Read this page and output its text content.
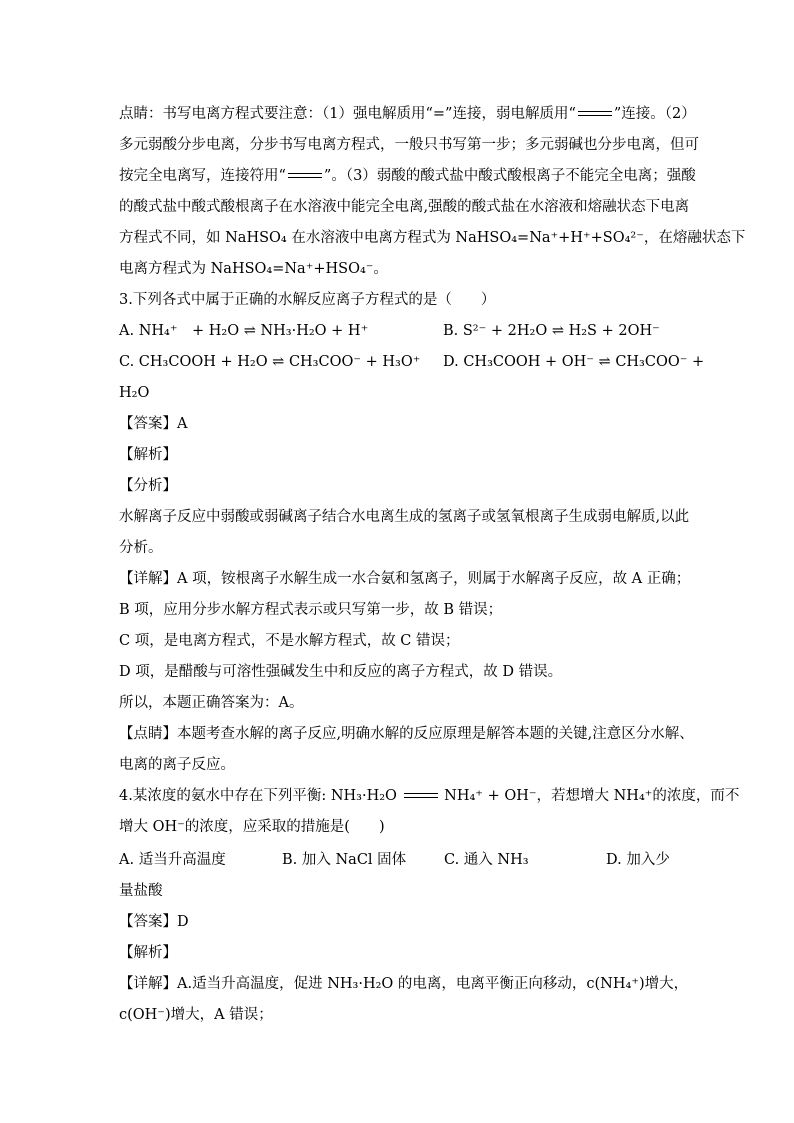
点睛：书写电离方程式要注意：（1）强电解质用“=”连接，弱电解质用“	”连接。（2）
多元弱酸分步电离，分步书写电离方程式，一般只书写第一步；多元弱碱也分步电离，但可
按完全电离写，连接符用“	”。（3）弱酸的酸式盐中酸式酸根离子不能完全电离；强酸
的酸式盐中酸式酸根离子在水溶液中能完全电离,强酸的酸式盐在水溶液和熔融状态下电离
方程式不同，如 NaHSO₄ 在水溶液中电离方程式为 NaHSO₄=Na⁺+H⁺+SO₄²⁻，在熔融状态下
电离方程式为 NaHSO₄=Na⁺+HSO₄⁻。
3.下列各式中属于正确的水解反应离子方程式的是（　　）
A. NH₄⁺　+ H₂O ⇌ NH₃·H₂O + H⁺	B. S²⁻ + 2H₂O ⇌ H₂S + 2OH⁻
C. CH₃COOH + H₂O ⇌ CH₃COO⁻ + H₃O⁺ D. CH₃COOH + OH⁻ ⇌ CH₃COO⁻ +
H₂O
【答案】A
【解析】
【分析】
水解离子反应中弱酸或弱碱离子结合水电离生成的氢离子或氢氧根离子生成弱电解质,以此
分析。
【详解】A 项，铵根离子水解生成一水合氨和氢离子，则属于水解离子反应，故 A 正确；
B 项，应用分步水解方程式表示或只写第一步，故 B 错误；
C 项，是电离方程式，不是水解方程式，故 C 错误；
D 项，是醋酸与可溶性强碱发生中和反应的离子方程式，故 D 错误。
所以，本题正确答案为：A。
【点睛】本题考查水解的离子反应,明确水解的反应原理是解答本题的关键,注意区分水解、
电离的离子反应。
4.某浓度的氨水中存在下列平衡: NH₃·H₂O	NH₄⁺ + OH⁻，若想增大 NH₄⁺的浓度，而不
增大 OH⁻的浓度，应采取的措施是(　　)
A. 适当升高温度	B. 加入 NaCl 固体	C. 通入 NH₃	D. 加入少
量盐酸
【答案】D
【解析】
【详解】A.适当升高温度，促进 NH₃·H₂O 的电离，电离平衡正向移动，c(NH₄⁺)增大，
c(OH⁻)增大，A 错误；
